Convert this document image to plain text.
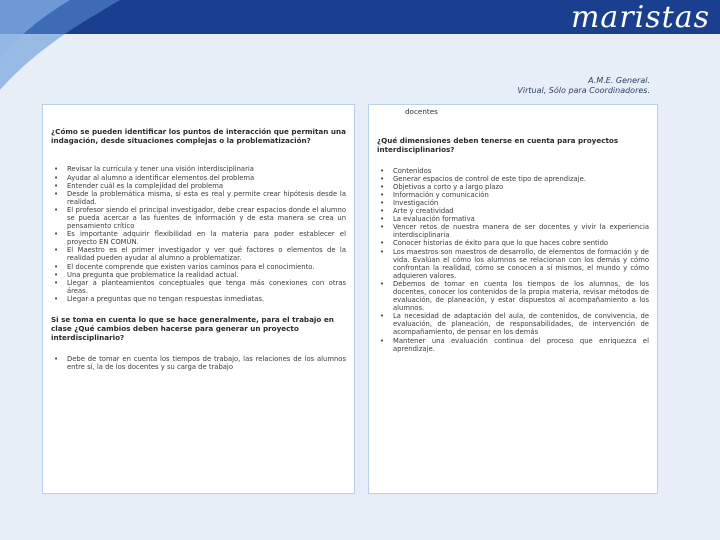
maristas
A.M.E. General.
Virtual, Sólo para Coordinadores.

¿Cómo se pueden identificar los puntos de interacción que permitan una indagación, desde situaciones complejas o la problematización?

• Revisar la currícula y tener una visión interdisciplinaria
• Ayudar al alumno a identificar elementos del problema
• Entender cuál es la complejidad del problema
• Desde la problemática misma, si esta es real y permite crear hipótesis desde la realidad.
• El profesor siendo el principal investigador, debe crear espacios donde el alumno se pueda acercar a las fuentes de información y de esta manera se crea un pensamiento crítico
• Es importante adquirir flexibilidad en la materia para poder establecer el proyecto EN COMÚN.
• El Maestro es el primer investigador y ver qué factores o elementos de la realidad pueden ayudar al alumno a problematizar.
• El docente comprende que existen varios caminos para el conocimiento.
• Una pregunta que problematice la realidad actual.
• Llegar a planteamientos conceptuales que tenga más conexiones con otras áreas.
• Llegar a preguntas que no tengan respuestas inmediatas.

Si se toma en cuenta lo que se hace generalmente, para el trabajo en clase ¿Qué cambios deben hacerse para generar un proyecto interdisciplinario?

• Debe de tomar en cuenta los tiempos de trabajo, las relaciones de los alumnos entre sí, la de los docentes y su carga de trabajo

docentes

¿Qué dimensiones deben tenerse en cuenta para proyectos interdisciplinarios?

• Contenidos
• Generar espacios de control de este tipo de aprendizaje.
• Objetivos a corto y a largo plazo
• Información y comunicación
• Investigación
• Arte y creatividad
• La evaluación formativa
• Vencer retos de nuestra manera de ser docentes y vivir la experiencia interdisciplinaria
• Conocer historias de éxito para que lo que haces cobre sentido
• Los maestros son maestros de desarrollo, de elementos de formación y de vida. Evalúan el cómo los alumnos se relacionan con los demás y cómo confrontan la realidad, cómo se conocen a sí mismos, el mundo y cómo adquieren valores.
• Debemos de tomar en cuenta los tiempos de los alumnos, de los docentes, conocer los contenidos de la propia materia, revisar métodos de evaluación, de planeación, y estar dispuestos al acompañamiento a los alumnos.
• La necesidad de adaptación del aula, de contenidos, de convivencia, de evaluación, de planeación, de responsabilidades, de intervención de acompañamiento, de pensar en los demás
• Mantener una evaluación continua del proceso que enriquezca el aprendizaje.
